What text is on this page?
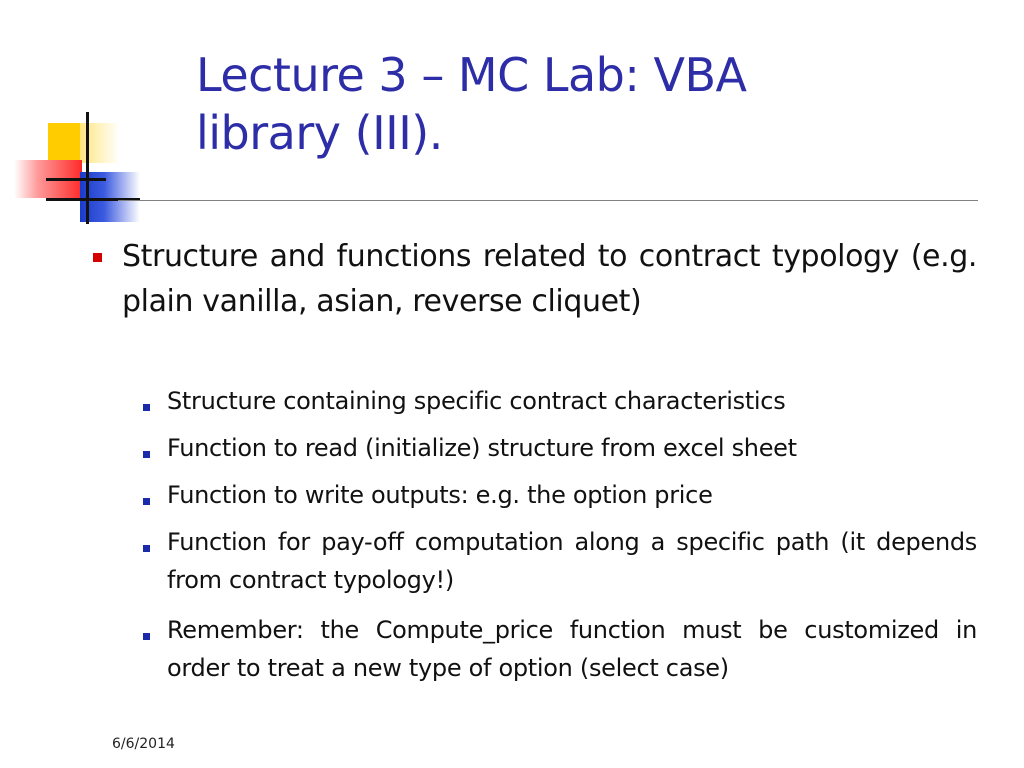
Lecture 3 – MC Lab: VBA
library (III).
Structure and functions related to contract typology (e.g. plain vanilla, asian, reverse cliquet)
Structure containing specific contract characteristics
Function to read (initialize) structure from excel sheet
Function to write outputs: e.g. the option price
Function for pay-off computation along a specific path (it depends from contract typology!)
Remember: the Compute_price function must be customized in order to treat a new type of option (select case)
6/6/2014
